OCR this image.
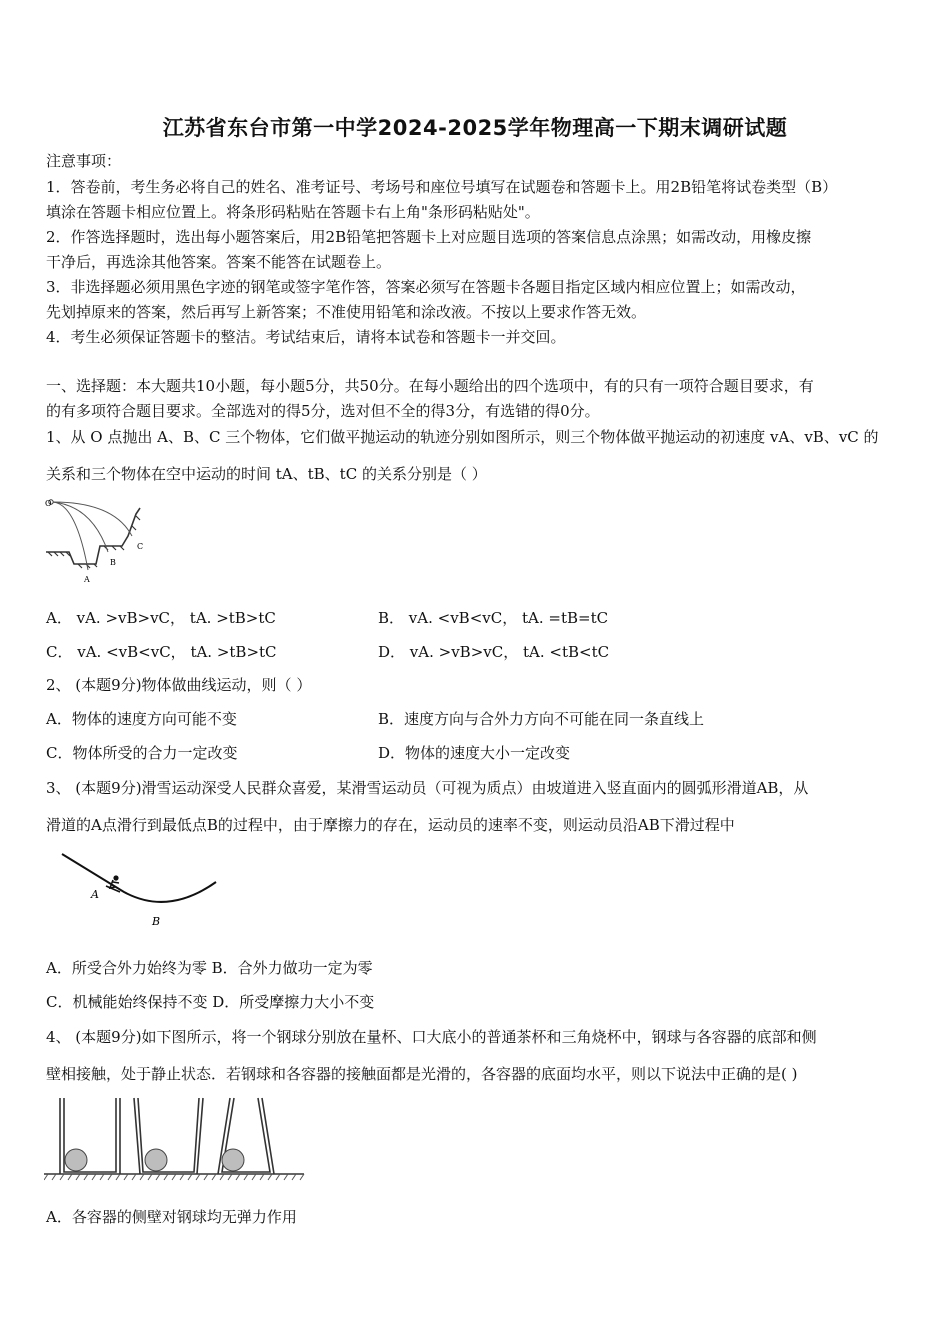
江苏省东台市第一中学2024-2025学年物理高一下期末调研试题
注意事项：
1．答卷前，考生务必将自己的姓名、准考证号、考场号和座位号填写在试题卷和答题卡上。用2B铅笔将试卷类型（B）
填涂在答题卡相应位置上。将条形码粘贴在答题卡右上角"条形码粘贴处"。
2．作答选择题时，选出每小题答案后，用2B铅笔把答题卡上对应题目选项的答案信息点涂黑；如需改动，用橡皮擦
干净后，再选涂其他答案。答案不能答在试题卷上。
3．非选择题必须用黑色字迹的钢笔或签字笔作答，答案必须写在答题卡各题目指定区域内相应位置上；如需改动，
先划掉原来的答案，然后再写上新答案；不准使用铅笔和涂改液。不按以上要求作答无效。
4．考生必须保证答题卡的整洁。考试结束后，请将本试卷和答题卡一并交回。
一、选择题：本大题共10小题，每小题5分，共50分。在每小题给出的四个选项中，有的只有一项符合题目要求，有
的有多项符合题目要求。全部选对的得5分，选对但不全的得3分，有选错的得0分。
1、从 O 点抛出 A、B、C 三个物体，它们做平抛运动的轨迹分别如图所示，则三个物体做平抛运动的初速度 vA、vB、vC 的
关系和三个物体在空中运动的时间 tA、tB、tC 的关系分别是（ ）
O
A
B
C
A． vA. >vB>vC， tA. >tB>tC	B． vA. <vB<vC， tA. =tB=tC
C． vA. <vB<vC， tA. >tB>tC	D． vA. >vB>vC， tA. <tB<tC
2、 (本题9分)物体做曲线运动，则（ ）
A．物体的速度方向可能不变	B．速度方向与合外力方向不可能在同一条直线上
C．物体所受的合力一定改变	D．物体的速度大小一定改变
3、 (本题9分)滑雪运动深受人民群众喜爱，某滑雪运动员（可视为质点）由坡道进入竖直面内的圆弧形滑道AB，从
滑道的A点滑行到最低点B的过程中，由于摩擦力的存在，运动员的速率不变，则运动员沿AB下滑过程中
A
B
A．所受合外力始终为零 B．合外力做功一定为零
C．机械能始终保持不变 D．所受摩擦力大小不变
4、 (本题9分)如下图所示，将一个钢球分别放在量杯、口大底小的普通茶杯和三角烧杯中，钢球与各容器的底部和侧
壁相接触，处于静止状态．若钢球和各容器的接触面都是光滑的，各容器的底面均水平，则以下说法中正确的是( )
A．各容器的侧壁对钢球均无弹力作用
